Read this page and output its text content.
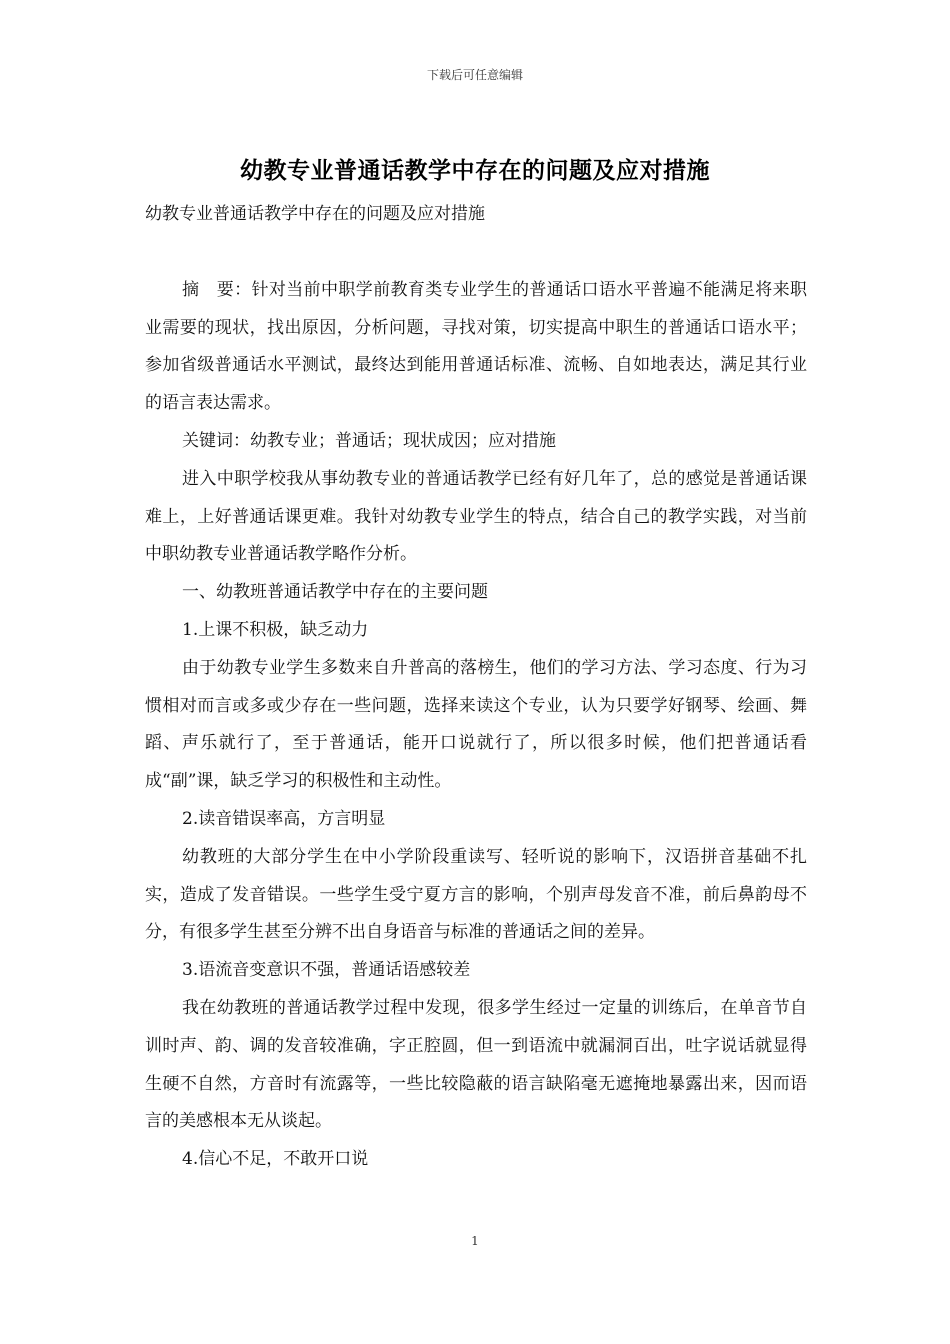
下载后可任意编辑
幼教专业普通话教学中存在的问题及应对措施

幼教专业普通话教学中存在的问题及应对措施

摘　要：针对当前中职学前教育类专业学生的普通话口语水平普遍不能满足将来职业需要的现状，找出原因，分析问题，寻找对策，切实提高中职生的普通话口语水平；参加省级普通话水平测试，最终达到能用普通话标准、流畅、自如地表达，满足其行业的语言表达需求。

关键词：幼教专业；普通话；现状成因；应对措施

进入中职学校我从事幼教专业的普通话教学已经有好几年了，总的感觉是普通话课难上，上好普通话课更难。我针对幼教专业学生的特点，结合自己的教学实践，对当前中职幼教专业普通话教学略作分析。

一、幼教班普通话教学中存在的主要问题

1.上课不积极，缺乏动力

由于幼教专业学生多数来自升普高的落榜生，他们的学习方法、学习态度、行为习惯相对而言或多或少存在一些问题，选择来读这个专业，认为只要学好钢琴、绘画、舞蹈、声乐就行了，至于普通话，能开口说就行了，所以很多时候，他们把普通话看成“副”课，缺乏学习的积极性和主动性。

2.读音错误率高，方言明显

幼教班的大部分学生在中小学阶段重读写、轻听说的影响下，汉语拼音基础不扎实，造成了发音错误。一些学生受宁夏方言的影响，个别声母发音不准，前后鼻韵母不分，有很多学生甚至分辨不出自身语音与标准的普通话之间的差异。

3.语流音变意识不强，普通话语感较差

我在幼教班的普通话教学过程中发现，很多学生经过一定量的训练后，在单音节自训时声、韵、调的发音较准确，字正腔圆，但一到语流中就漏洞百出，吐字说话就显得生硬不自然，方音时有流露等，一些比较隐蔽的语言缺陷毫无遮掩地暴露出来，因而语言的美感根本无从谈起。

4.信心不足，不敢开口说

1
